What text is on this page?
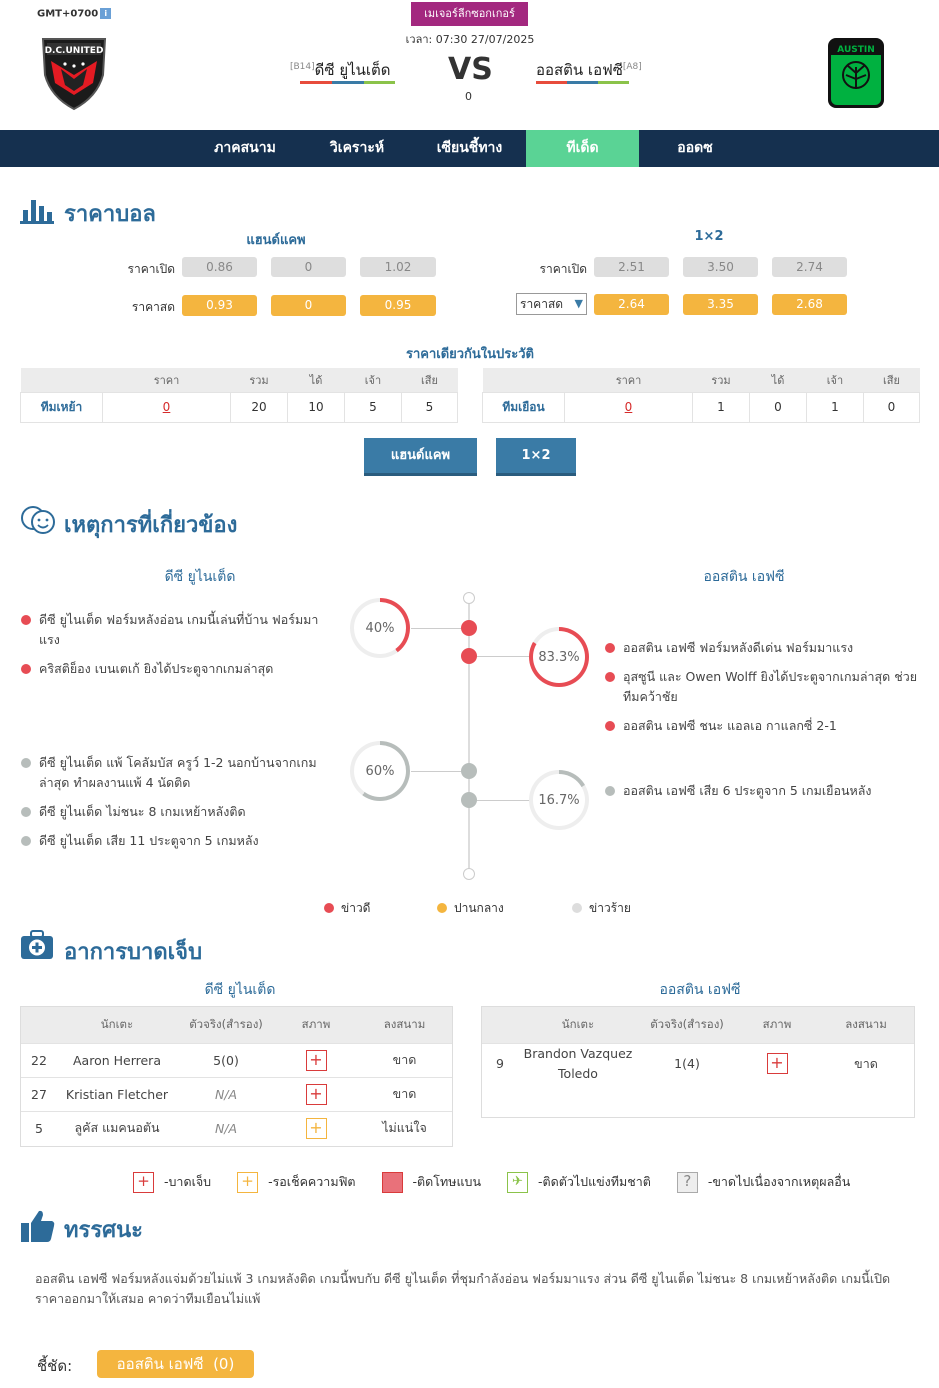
GMT+0700 i	เมเจอร์ลีกซอกเกอร์
เวลา: 07:30 27/07/2025
D.C.UNITED	AUSTIN
[B14]ดีซี ยูไนเต็ด VS
0
ออสติน เอฟซี[A8]
ภาคสนาม	วิเคราะห์	เซียนชี้ทาง	ทีเด็ด	ออดซ
ราคาบอล
แฮนด์แคพ	1×2
ราคาเปิด	0.86	0	1.02
ราคาสด	0.93	0	0.95
ราคาเปิด	2.51	3.50	2.74
ราคาสด ▼	2.64	3.35	2.68
ราคาเดียวกันในประวัติ
	ราคา	รวม	ได้	เจ้า	เสีย
ทีมเหย้า	0	20	10	5	5
	ราคา	รวม	ได้	เจ้า	เสีย
ทีมเยือน	0	1	0	1	0
แฮนด์แคพ	1×2
เหตุการที่เกี่ยวข้อง
ดีซี ยูไนเต็ด	ออสติน เอฟซี
40%
60%
83.3%
16.7%
ดีซี ยูไนเต็ด ฟอร์มหลังอ่อน เกมนี้เล่นที่บ้าน ฟอร์มมาแรง
คริสติย็อง เบนเตเก้ ยิงได้ประตูจากเกมล่าสุด
ดีซี ยูไนเต็ด แพ้ โคลัมบัส ครูว์ 1-2 นอกบ้านจากเกมล่าสุด ทำผลงานแพ้ 4 นัดติด
ดีซี ยูไนเต็ด ไม่ชนะ 8 เกมเหย้าหลังติด
ดีซี ยูไนเต็ด เสีย 11 ประตูจาก 5 เกมหลัง
ออสติน เอฟซี ฟอร์มหลังดีเด่น ฟอร์มมาแรง
อุสซูนี และ Owen Wolff ยิงได้ประตูจากเกมล่าสุด ช่วยทีมคว้าชัย
ออสติน เอฟซี ชนะ แอลเอ กาแลกซี่ 2-1
ออสติน เอฟซี เสีย 6 ประตูจาก 5 เกมเยือนหลัง
ข่าวดี	ปานกลาง	ข่าวร้าย
อาการบาดเจ็บ
ดีซี ยูไนเต็ด	ออสติน เอฟซี
	นักเตะ	ตัวจริง(สำรอง)	สภาพ	ลงสนาม
22	Aaron Herrera	5(0)	+	ขาด
27	Kristian Fletcher	N/A	+	ขาด
5	ลูคัส แมคนอตัน	N/A	+	ไม่แน่ใจ
	นักเตะ	ตัวจริง(สำรอง)	สภาพ	ลงสนาม
9	Brandon Vazquez Toledo	1(4)	+	ขาด
+ -บาดเจ็บ + -รอเช็คความฟิต	-ติดโทษแบน ✈ -ติดตัวไปแข่งทีมชาติ ? -ขาดไปเนื่องจากเหตุผลอื่น
ทรรศนะ
ออสติน เอฟซี ฟอร์มหลังแจ่มด้วยไม่แพ้ 3 เกมหลังติด เกมนี้พบกับ ดีซี ยูไนเต็ด ที่ชุมกำลังอ่อน ฟอร์มมาแรง ส่วน ดีซี ยูไนเต็ด ไม่ชนะ 8 เกมเหย้าหลังติด เกมนี้เปิดราคาออกมาให้เสมอ คาดว่าทีมเยือนไม่แพ้
ชี้ชัด:	ออสติน เอฟซี  (0)
